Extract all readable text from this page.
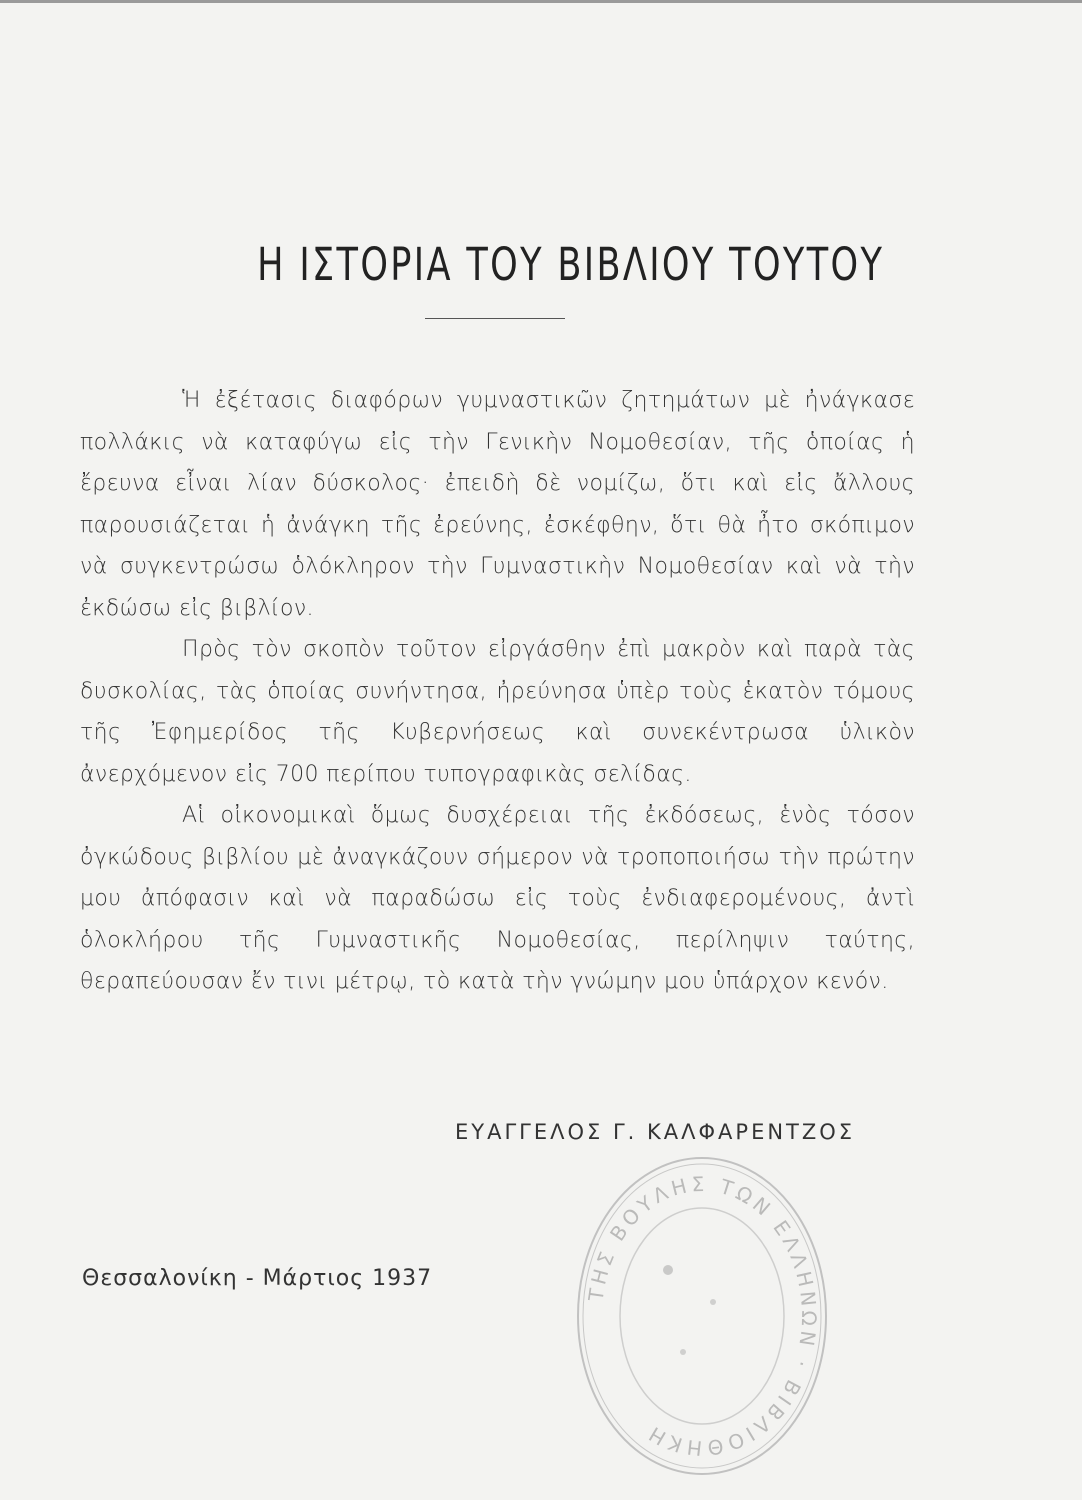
Η ΙΣΤΟΡΙΑ ΤΟΥ ΒΙΒΛΙΟΥ ΤΟΥΤΟΥ

Ἡ ἐξέτασις διαφόρων γυμναστικῶν ζητημάτων μὲ ἠνάγκασε πολλάκις νὰ καταφύγω εἰς τὴν Γενικὴν Νομοθεσίαν, τῆς ὁποίας ἡ ἔρευνα εἶναι λίαν δύσκολος· ἐπειδὴ δὲ νομίζω, ὅτι καὶ εἰς ἄλλους παρουσιάζεται ἡ ἀνάγκη τῆς ἐρεύνης, ἐσκέφθην, ὅτι θὰ ἦτο σκόπιμον νὰ συγκεντρώσω ὁλόκληρον τὴν Γυμναστικὴν Νομοθεσίαν καὶ νὰ τὴν ἐκδώσω εἰς βιβλίον.

Πρὸς τὸν σκοπὸν τοῦτον εἰργάσθην ἐπὶ μακρὸν καὶ παρὰ τὰς δυσκολίας, τὰς ὁποίας συνήντησα, ἠρεύνησα ὑπὲρ τοὺς ἑκατὸν τόμους τῆς Ἐφημερίδος τῆς Κυβερνήσεως καὶ συνεκέντρωσα ὑλικὸν ἀνερχόμενον εἰς 700 περίπου τυπογραφικὰς σελίδας.

Αἱ οἰκονομικαὶ ὅμως δυσχέρειαι τῆς ἐκδόσεως, ἑνὸς τόσον ὀγκώδους βιβλίου μὲ ἀναγκάζουν σήμερον νὰ τροποποιήσω τὴν πρώτην μου ἀπόφασιν καὶ νὰ παραδώσω εἰς τοὺς ἐνδιαφερομένους, ἀντὶ ὁλοκλήρου τῆς Γυμναστικῆς Νομοθεσίας, περίληψιν ταύτης, θεραπεύουσαν ἔν τινι μέτρῳ, τὸ κατὰ τὴν γνώμην μου ὑπάρχον κενόν.

ΕΥΑΓΓΕΛΟΣ Γ. ΚΑΛΦΑΡΕΝΤΖΟΣ
Θεσσαλονίκη - Μάρτιος 1937
ΤΗΣ ΒΟΥΛΗΣ ΤΩΝ ΕΛΛΗΝΩΝ · ΒΙΒΛΙΟΘΗΚΗ
